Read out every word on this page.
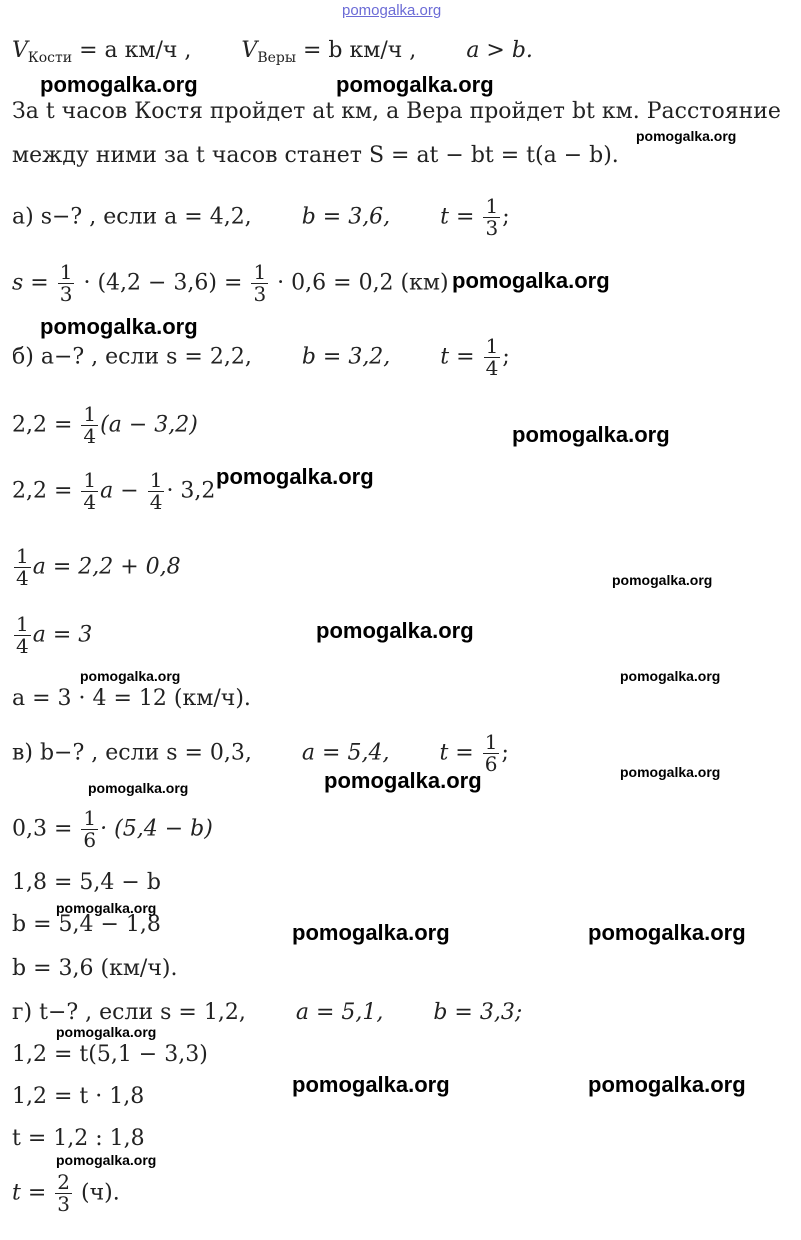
pomogalka.org
$V_{Кости} = a$ км/ч , $V_{Веры} = b$ км/ч , a > b.
За t часов Костя пройдет at км, а Вера пройдет bt км. Расстояние
между ними за t часов станет S = at − bt = t(a − b).
а) s−? , если a = 4,2, b = 3,6, $t = \frac{1}{3}$ ;
$s = \frac{1}{3} \cdot (4,2 - 3,6) = \frac{1}{3} \cdot 0,6 = 0,2$ (км)
б) a−? , если s = 2,2, b = 3,2, $t = \frac{1}{4}$ ;
$2,2 = \frac{1}{4} (a - 3,2)$
$2,2 = \frac{1}{4}$ $a - \frac{1}{4} \cdot 3,2$
$\frac{1}{4}$ a = 2,2 + 0,8
$\frac{1}{4}$ a = 3
a = 3 · 4 = 12 (км/ч).
в) b−? , если s = 0,3, a = 5,4, $t = \frac{1}{6}$ ;
$0,3 = \frac{1}{6} \cdot (5,4 - b)$
1,8 = 5,4 − b
b = 5,4 − 1,8
b = 3,6 (км/ч).
г) t−? , если s = 1,2, a = 5,1, b = 3,3;
1,2 = t(5,1 − 3,3)
1,2 = t · 1,8
t = 1,2 : 1,8
$t = \frac{2}{3} (ч)$.
pomogalka.org	pomogalka.org
pomogalka.org
pomogalka.org
pomogalka.org
pomogalka.org
pomogalka.org
pomogalka.org
pomogalka.org
pomogalka.org	pomogalka.org
pomogalka.org	pomogalka.org	pomogalka.org
pomogalka.org
pomogalka.org	pomogalka.org
pomogalka.org
pomogalka.org	pomogalka.org
pomogalka.org
